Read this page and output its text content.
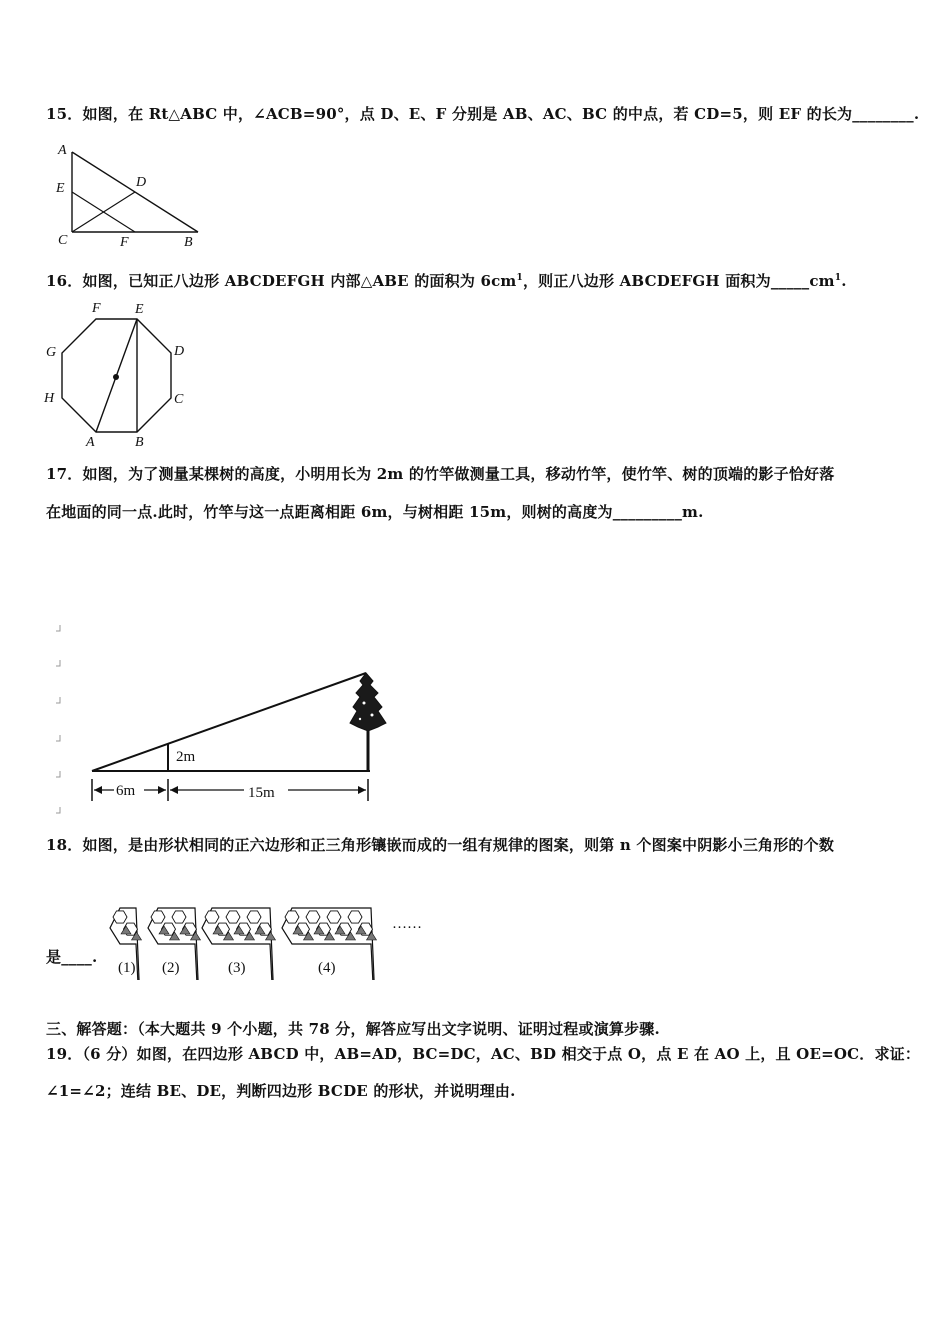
15．如图，在 Rt△ABC 中，∠ACB=90°，点 D、E、F 分别是 AB、AC、BC 的中点，若 CD=5，则 EF 的长为________.
A
E	D
C	F	B
16．如图，已知正八边形 ABCDEFGH 内部△ABE 的面积为 $6cm^1$，则正八边形 ABCDEFGH 面积为$\_\_\_\_\_cm^1$.
F E
D
C
G
H
A	B
17．如图，为了测量某棵树的高度，小明用长为 2m 的竹竿做测量工具，移动竹竿，使竹竿、树的顶端的影子恰好落
在地面的同一点.此时，竹竿与这一点距离相距 6m，与树相距 15m，则树的高度为_________m.
2m
6m	15m
18．如图，是由形状相同的正六边形和正三角形镶嵌而成的一组有规律的图案，则第 n 个图案中阴影小三角形的个数
是____.
(1) (2)	(3)	(4)
……
三、解答题：（本大题共 9 个小题，共 78 分，解答应写出文字说明、证明过程或演算步骤.
19．（6 分）如图，在四边形 ABCD 中，AB=AD，BC=DC，AC、BD 相交于点 O，点 E 在 AO 上，且 OE=OC．求证：
∠1=∠2；连结 BE、DE，判断四边形 BCDE 的形状，并说明理由.
